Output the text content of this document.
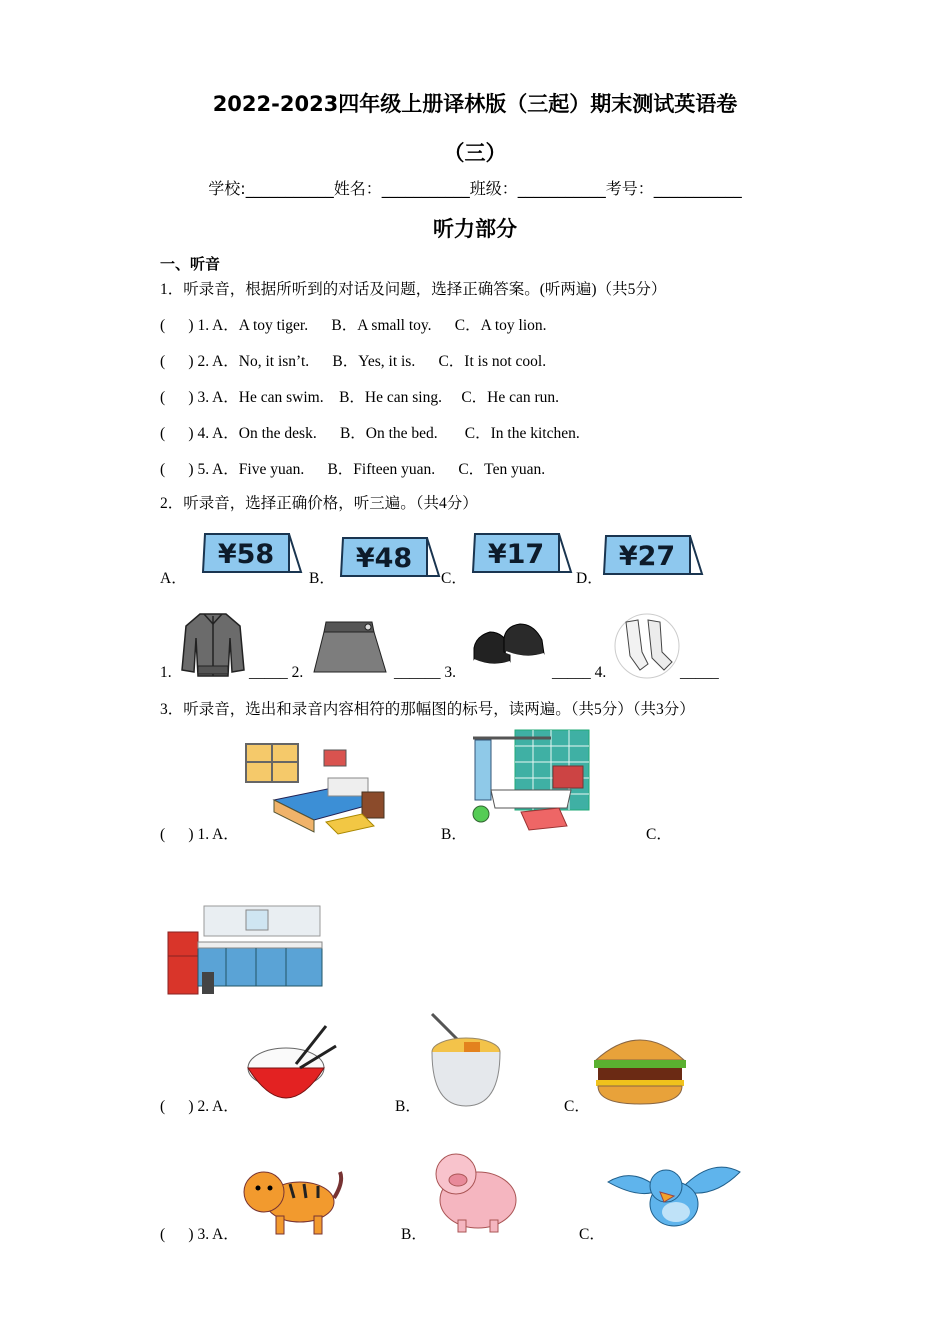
2022-2023四年级上册译林版（三起）期末测试英语卷
（三）
学校:___________姓名：___________班级：___________考号：___________
听力部分
一、听音
1．听录音，根据所听到的对话及问题，选择正确答案。(听两遍)（共5分）
(      ) 1. A．A toy tiger.      B．A small toy.      C．A toy lion.
(      ) 2. A．No, it isn’t.      B．Yes, it is.      C．It is not cool.
(      ) 3. A．He can swim.    B．He can sing.     C．He can run.
(      ) 4. A．On the desk.      B．On the bed.       C．In the kitchen.
(      ) 5. A．Five yuan.      B．Fifteen yuan.      C．Ten yuan.
2．听录音，选择正确价格，听三遍。（共4分）
A．	B．	C．	D．
¥58	¥48	¥17	¥27
1.	_____ 2.	______ 3.	_____ 4.	_____
3．听录音，选出和录音内容相符的那幅图的标号，读两遍。（共5分）（共3分）
(      ) 1. A．	B．	C．
(      ) 2. A．	B．	C．
(      ) 3. A．	B．	C．
